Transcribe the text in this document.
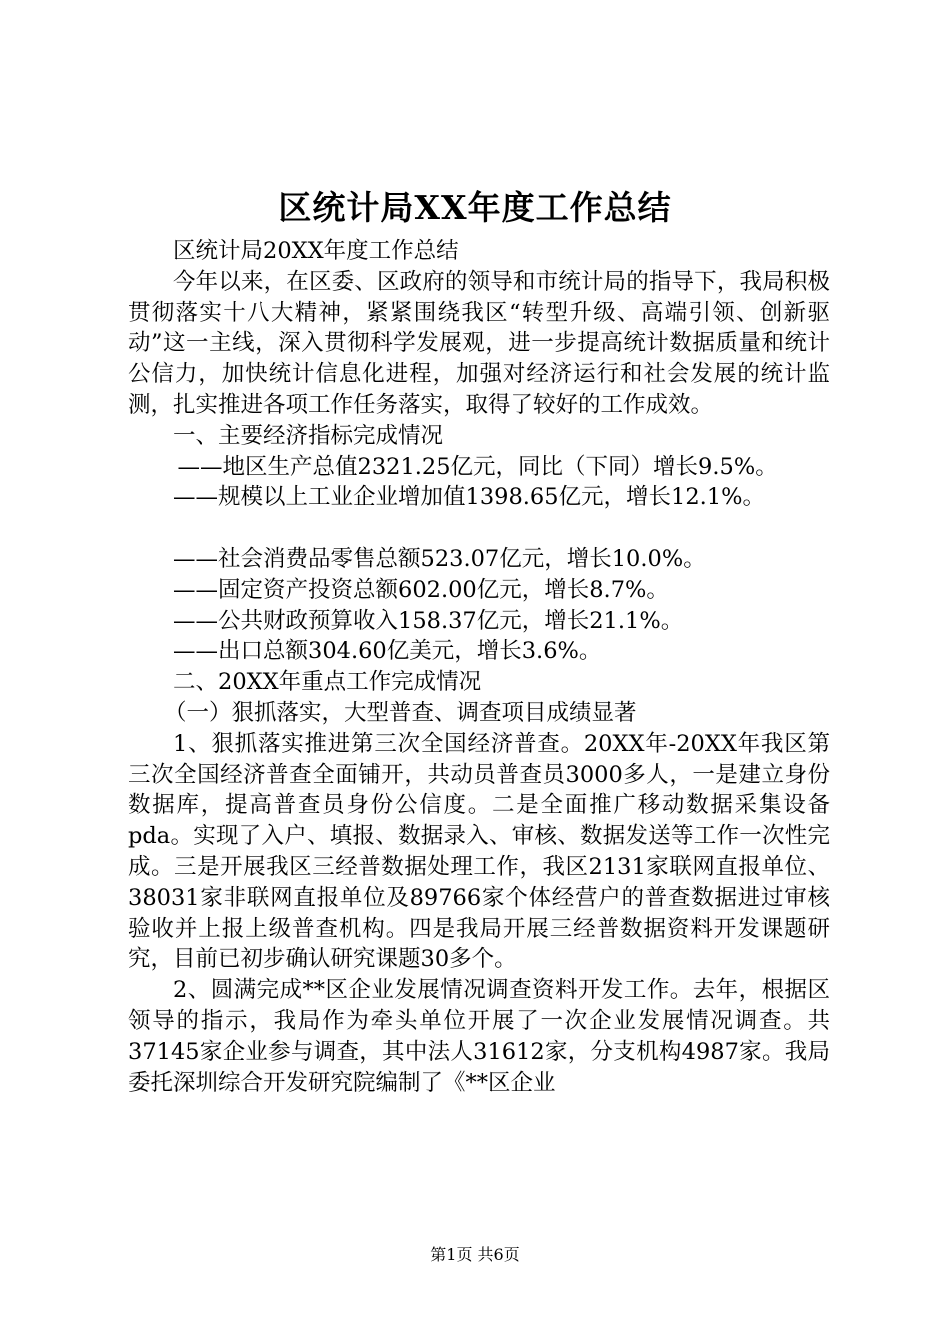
区统计局XX年度工作总结

区统计局20XX年度工作总结

今年以来，在区委、区政府的领导和市统计局的指导下，我局积极贯彻落实十八大精神，紧紧围绕我区“转型升级、高端引领、创新驱动”这一主线，深入贯彻科学发展观，进一步提高统计数据质量和统计公信力，加快统计信息化进程，加强对经济运行和社会发展的统计监测，扎实推进各项工作任务落实，取得了较好的工作成效。

一、主要经济指标完成情况

——地区生产总值2321.25亿元，同比（下同）增长9.5%。

——规模以上工业企业增加值1398.65亿元，增长12.1%。

——社会消费品零售总额523.07亿元，增长10.0%。

——固定资产投资总额602.00亿元，增长8.7%。

——公共财政预算收入158.37亿元，增长21.1%。

——出口总额304.60亿美元，增长3.6%。

二、20XX年重点工作完成情况

（一）狠抓落实，大型普查、调查项目成绩显著

1、狠抓落实推进第三次全国经济普查。20XX年-20XX年我区第三次全国经济普查全面铺开，共动员普查员3000多人，一是建立身份数据库，提高普查员身份公信度。二是全面推广移动数据采集设备pda。实现了入户、填报、数据录入、审核、数据发送等工作一次性完成。三是开展我区三经普数据处理工作，我区2131家联网直报单位、38031家非联网直报单位及89766家个体经营户的普查数据进过审核验收并上报上级普查机构。四是我局开展三经普数据资料开发课题研究，目前已初步确认研究课题30多个。

2、圆满完成**区企业发展情况调查资料开发工作。去年，根据区领导的指示，我局作为牵头单位开展了一次企业发展情况调查。共37145家企业参与调查，其中法人31612家，分支机构4987家。我局委托深圳综合开发研究院编制了《**区企业

第1页 共6页
